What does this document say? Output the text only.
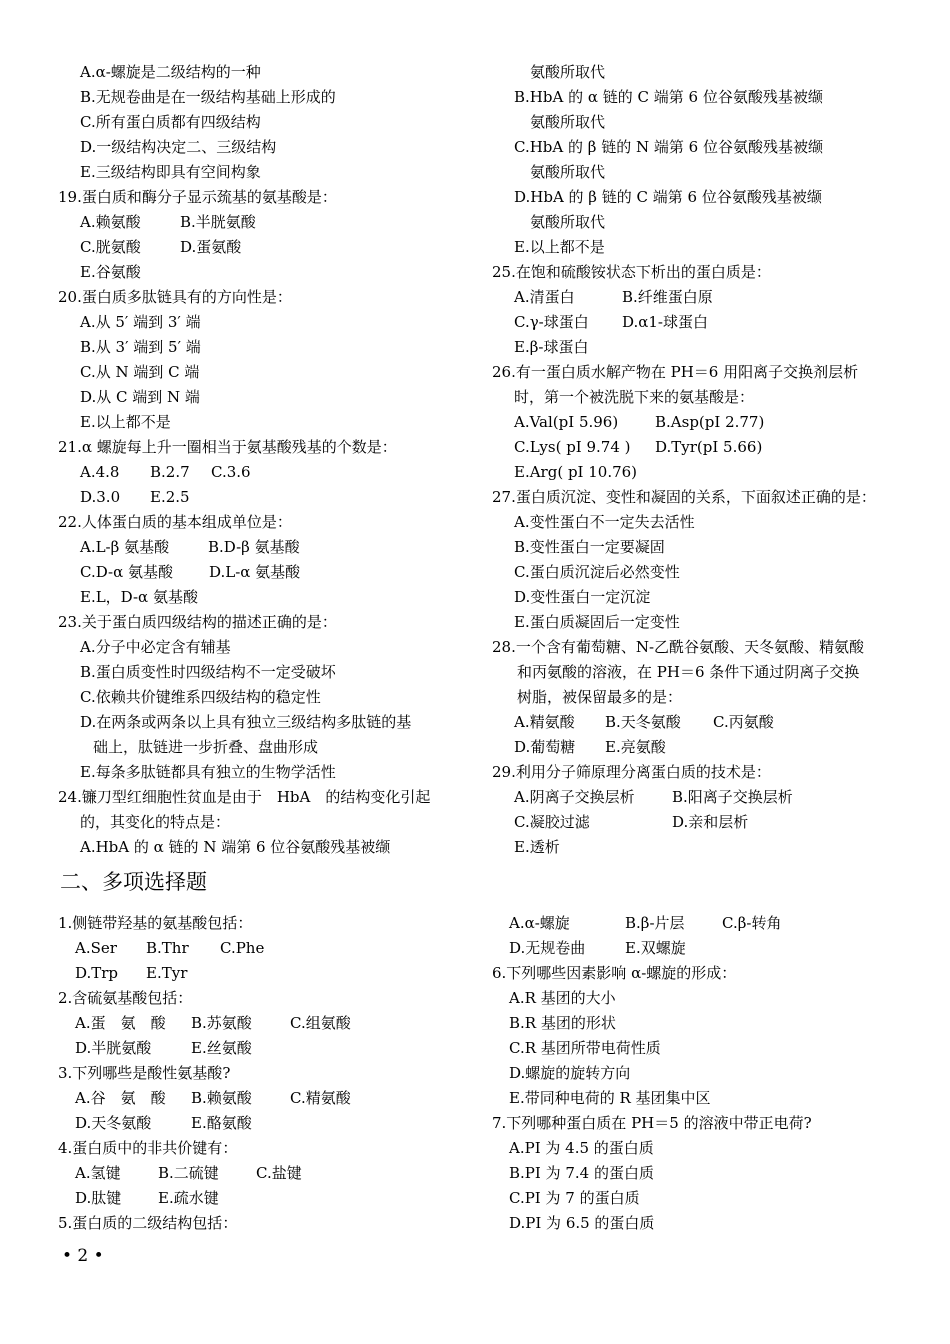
A.α-螺旋是二级结构的一种
B.无规卷曲是在一级结构基础上形成的
C.所有蛋白质都有四级结构
D.一级结构决定二、三级结构
E.三级结构即具有空间构象
19.蛋白质和酶分子显示巯基的氨基酸是：
A.赖氨酸	B.半胱氨酸
C.胱氨酸	D.蛋氨酸
E.谷氨酸
20.蛋白质多肽链具有的方向性是：
A.从 5′ 端到 3′ 端
B.从 3′ 端到 5′ 端
C.从 N 端到 C 端
D.从 C 端到 N 端
E.以上都不是
21.α 螺旋每上升一圈相当于氨基酸残基的个数是：
A.4.8 B.2.7 C.3.6
D.3.0 E.2.5
22.人体蛋白质的基本组成单位是：
A.L-β 氨基酸	B.D-β 氨基酸
C.D-α 氨基酸 D.L-α 氨基酸
E.L，D-α 氨基酸
23.关于蛋白质四级结构的描述正确的是：
A.分子中必定含有辅基
B.蛋白质变性时四级结构不一定受破坏
C.依赖共价键维系四级结构的稳定性
D.在两条或两条以上具有独立三级结构多肽链的基
础上，肽链进一步折叠、盘曲形成
E.每条多肽链都具有独立的生物学活性
24.镰刀型红细胞性贫血是由于　HbA　的结构变化引起
的，其变化的特点是：
A.HbA 的 α 链的 N 端第 6 位谷氨酸残基被缬
氨酸所取代
B.HbA 的 α 链的 C 端第 6 位谷氨酸残基被缬
氨酸所取代
C.HbA 的 β 链的 N 端第 6 位谷氨酸残基被缬
氨酸所取代
D.HbA 的 β 链的 C 端第 6 位谷氨酸残基被缬
氨酸所取代
E.以上都不是
25.在饱和硫酸铵状态下析出的蛋白质是：
A.清蛋白	B.纤维蛋白原
C.γ-球蛋白 D.α1-球蛋白
E.β-球蛋白
26.有一蛋白质水解产物在 PH＝6 用阳离子交换剂层析
时，第一个被洗脱下来的氨基酸是：
A.Val(pI 5.96) B.Asp(pI 2.77)
C.Lys( pI 9.74 ) D.Tyr(pI 5.66)
E.Arg( pI 10.76)
27.蛋白质沉淀、变性和凝固的关系，下面叙述正确的是：
A.变性蛋白不一定失去活性
B.变性蛋白一定要凝固
C.蛋白质沉淀后必然变性
D.变性蛋白一定沉淀
E.蛋白质凝固后一定变性
28.一个含有葡萄糖、N-乙酰谷氨酸、天冬氨酸、精氨酸
和丙氨酸的溶液，在 PH＝6 条件下通过阴离子交换
树脂，被保留最多的是：
A.精氨酸 B.天冬氨酸 C.丙氨酸
D.葡萄糖 E.亮氨酸
29.利用分子筛原理分离蛋白质的技术是：
A.阴离子交换层析 B.阳离子交换层析
C.凝胶过滤	D.亲和层析
E.透析
二、多项选择题
1.侧链带羟基的氨基酸包括：
A.Ser B.Thr C.Phe
D.Trp E.Tyr
2.含硫氨基酸包括：
A.蛋　氨　酸 B.苏氨酸	C.组氨酸
D.半胱氨酸	E.丝氨酸
3.下列哪些是酸性氨基酸?
A.谷　氨　酸 B.赖氨酸	C.精氨酸
D.天冬氨酸	E.酪氨酸
4.蛋白质中的非共价键有：
A.氢键 B.二硫键 C.盐键
D.肽键 E.疏水键
5.蛋白质的二级结构包括：
A.α-螺旋	B.β-片层 C.β-转角
D.无规卷曲	E.双螺旋
6.下列哪些因素影响 α-螺旋的形成：
A.R 基团的大小
B.R 基团的形状
C.R 基团所带电荷性质
D.螺旋的旋转方向
E.带同种电荷的 R 基团集中区
7.下列哪种蛋白质在 PH＝5 的溶液中带正电荷?
A.PI 为 4.5 的蛋白质
B.PI 为 7.4 的蛋白质
C.PI 为 7 的蛋白质
D.PI 为 6.5 的蛋白质
• 2 •
